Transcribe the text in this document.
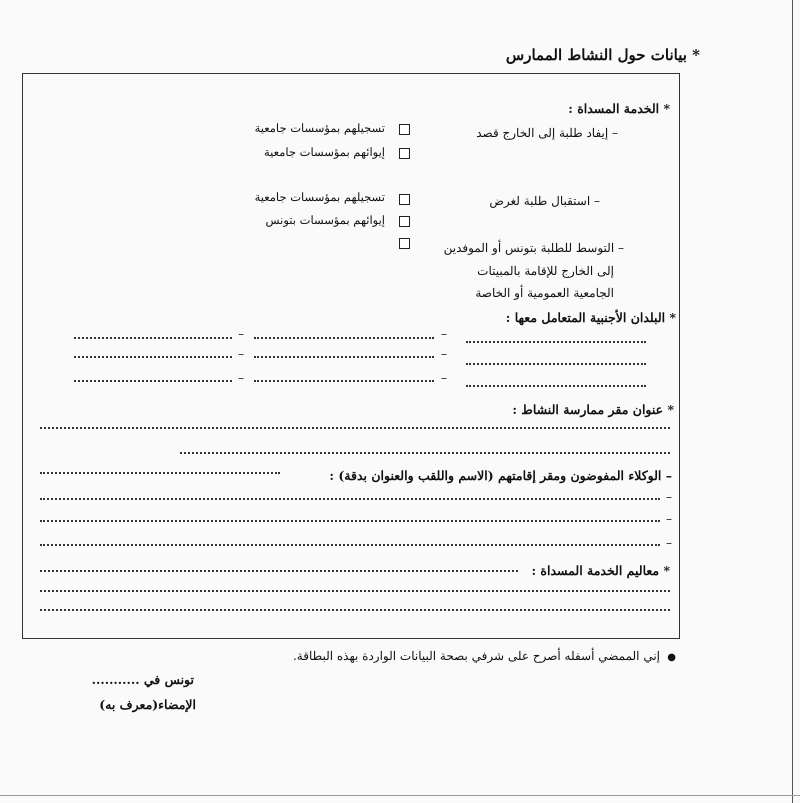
* بيانات حول النشاط الممارس
* الخدمة المسداة :
– إيفاد طلبة إلى الخارج قصد
تسجيلهم بمؤسسات جامعية
إيوائهم بمؤسسات جامعية
– استقبال طلبة لغرض
تسجيلهم بمؤسسات جامعية
إيوائهم بمؤسسات بتونس
– التوسط للطلبة بتونس أو الموفدين
إلى الخارج للإقامة بالمبيتات
الجامعية العمومية أو الخاصة
* البلدان الأجنبية المتعامل معها :
–	–
–	–
–	–
* عنوان مقر ممارسة النشاط :
– الوكلاء المفوضون ومقر إقامتهم (الاسم واللقب والعنوان بدقة) :
–
–
–
* معاليم الخدمة المسداة :
●
إني الممضي أسفله أصرح على شرفي بصحة البيانات الواردة بهذه البطاقة.
تونس في ...........
الإمضاء(معرف به)
